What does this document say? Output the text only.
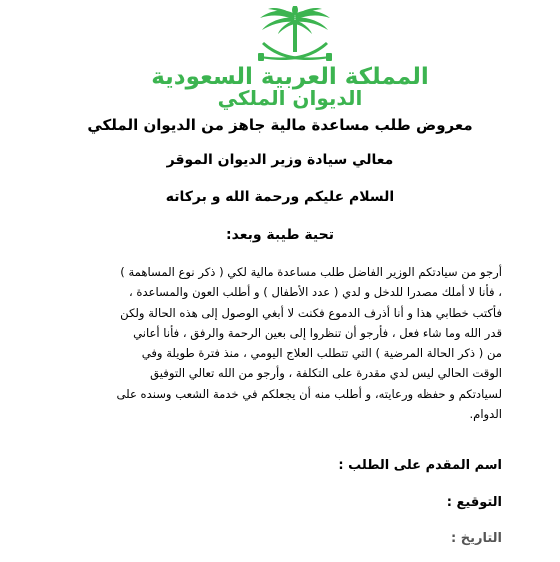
المملكة العربية السعودية
الديوان الملكي
معروض طلب مساعدة مالية جاهز من الديوان الملكي
معالي سيادة وزير الديوان الموقر
السلام عليكم ورحمة الله و بركاته
تحية طيبة وبعد:
أرجو من سيادتكم الوزير الفاضل طلب مساعدة مالية لكي ( ذكر نوع المساهمة )
، فأنا لا أملك مصدرا للدخل و لدي ( عدد الأطفال ) و أطلب العون والمساعدة ،
فأكتب خطابي هذا و أنا أذرف الدموع فكنت لا أبغي الوصول إلى هذه الحالة ولكن
قدر الله وما شاء فعل ، فأرجو أن تنظروا إلى بعين الرحمة والرفق ، فأنا أعاني
من ( ذكر الحالة المرضية ) التي تتطلب العلاج اليومي ، منذ فترة طويلة وفي
الوقت الحالي ليس لدي مقدرة على التكلفة ، وأرجو من الله تعالي التوفيق
لسيادتكم و حفظه ورعايته، و أطلب منه أن يجعلكم في خدمة الشعب وسنده على
الدوام.
اسم المقدم على الطلب :
التوقيع :
التاريخ :
